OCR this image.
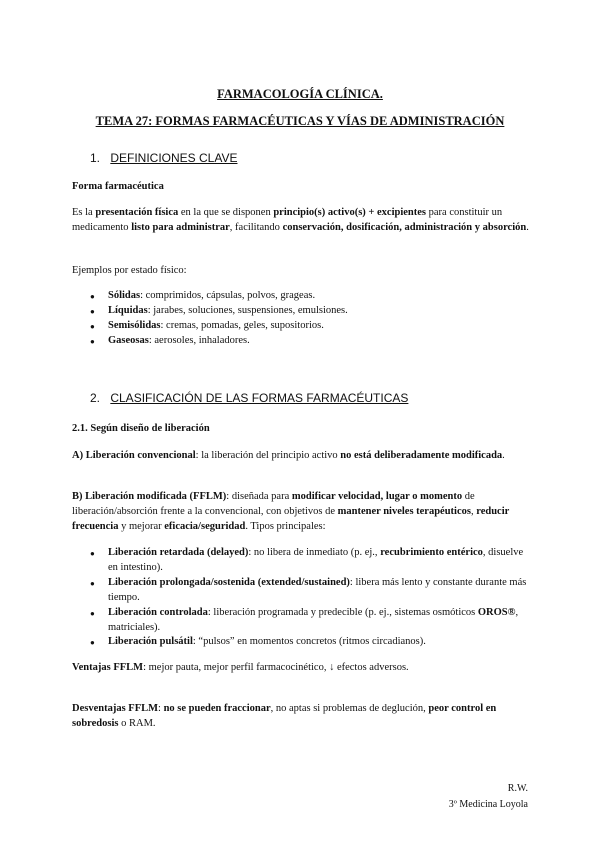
FARMACOLOGÍA CLÍNICA.
TEMA 27: FORMAS FARMACÉUTICAS Y VÍAS DE ADMINISTRACIÓN
1. DEFINICIONES CLAVE
Forma farmacéutica
Es la presentación física en la que se disponen principio(s) activo(s) + excipientes para constituir un medicamento listo para administrar, facilitando conservación, dosificación, administración y absorción.
Ejemplos por estado físico:
● Sólidas: comprimidos, cápsulas, polvos, grageas.
● Líquidas: jarabes, soluciones, suspensiones, emulsiones.
● Semisólidas: cremas, pomadas, geles, supositorios.
● Gaseosas: aerosoles, inhaladores.
2. CLASIFICACIÓN DE LAS FORMAS FARMACÉUTICAS
2.1. Según diseño de liberación
A) Liberación convencional: la liberación del principio activo no está deliberadamente modificada.
B) Liberación modificada (FFLM): diseñada para modificar velocidad, lugar o momento de liberación/absorción frente a la convencional, con objetivos de mantener niveles terapéuticos, reducir frecuencia y mejorar eficacia/seguridad. Tipos principales:
● Liberación retardada (delayed): no libera de inmediato (p. ej., recubrimiento entérico, disuelve en intestino).
● Liberación prolongada/sostenida (extended/sustained): libera más lento y constante durante más tiempo.
● Liberación controlada: liberación programada y predecible (p. ej., sistemas osmóticos OROS®, matriciales).
● Liberación pulsátil: “pulsos” en momentos concretos (ritmos circadianos).
Ventajas FFLM: mejor pauta, mejor perfil farmacocinético, ↓ efectos adversos.
Desventajas FFLM: no se pueden fraccionar, no aptas si problemas de deglución, peor control en sobredosis o RAM.
R.W.
3º Medicina Loyola
